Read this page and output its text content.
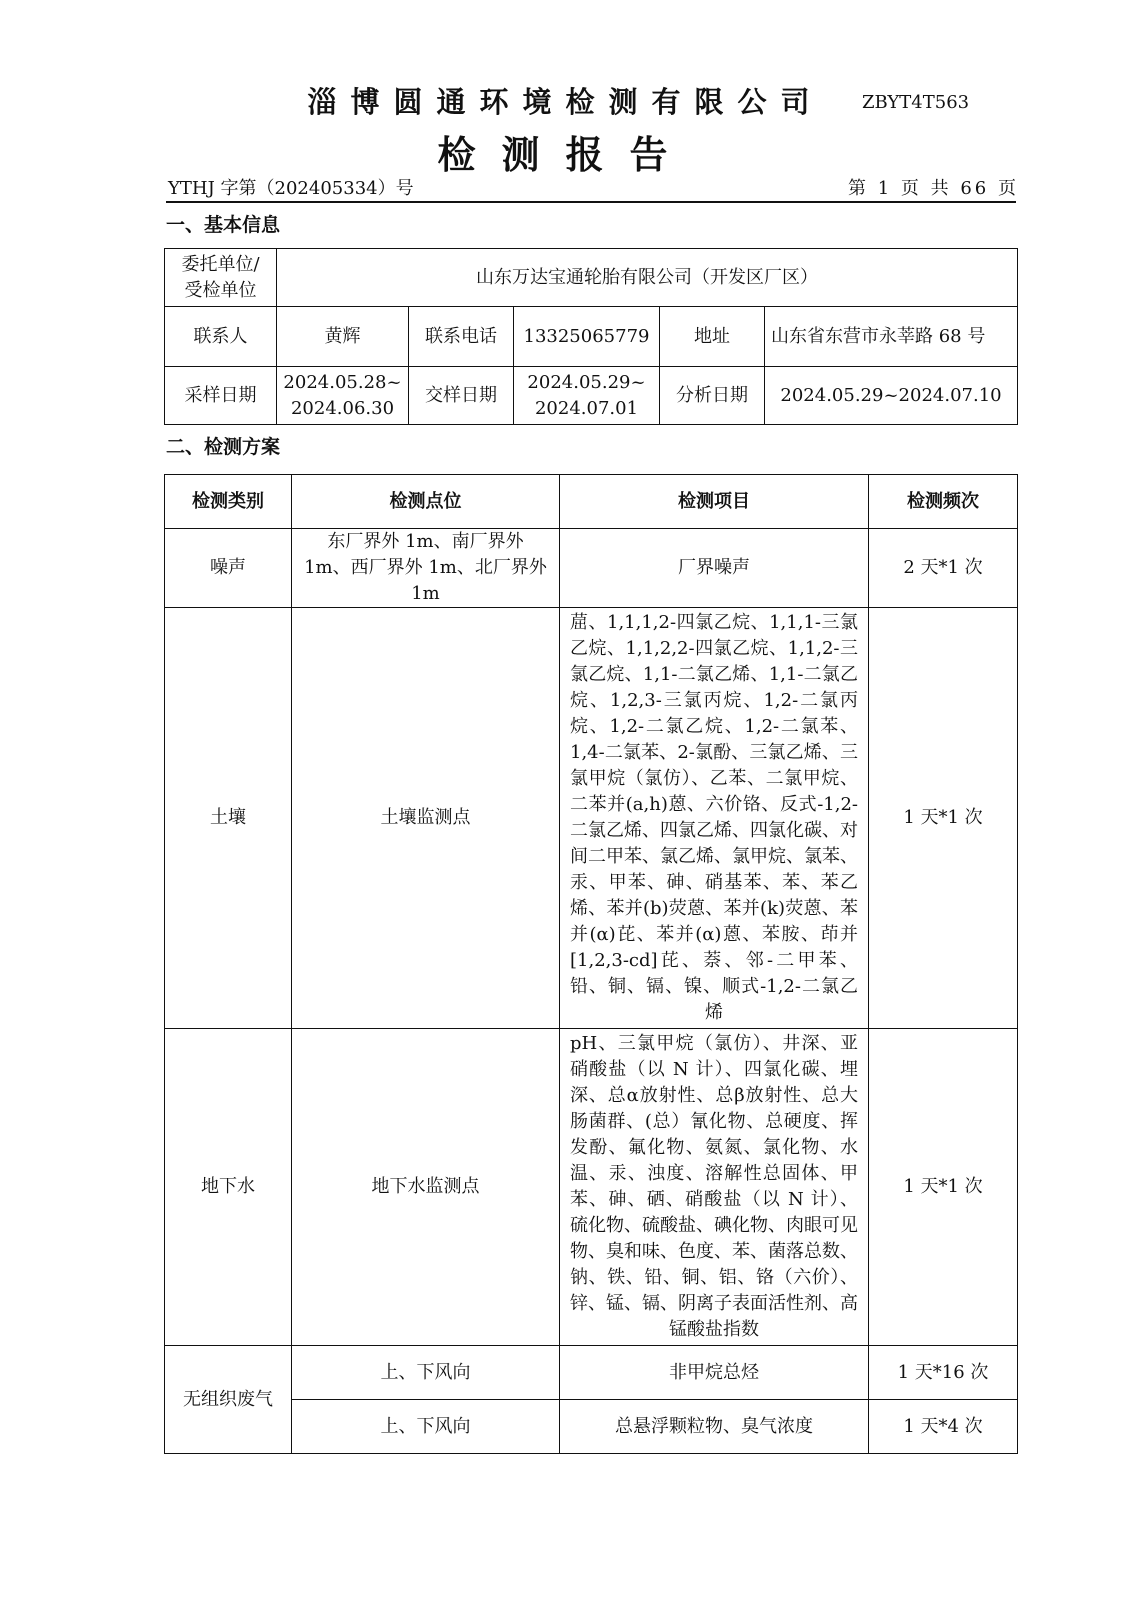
淄博圆通环境检测有限公司	ZBYT4T563
检测报告
YTHJ 字第（202405334）号	第 1 页 共 66 页
一、基本信息
委托单位/受检单位	山东万达宝通轮胎有限公司（开发区厂区）				
联系人	黄辉	联系电话	13325065779	地址	山东省东营市永莘路 68 号
采样日期	2024.05.28~ 2024.06.30	交样日期	2024.05.29~ 2024.07.01	分析日期	2024.05.29~2024.07.10
二、检测方案
检测类别	检测点位	检测项目	检测频次
噪声	东厂界外 1m、南厂界外 1m、西厂界外 1m、北厂界外 1m	厂界噪声	2 天*1 次
土壤	土壤监测点	䓛、1,1,1,2-四氯乙烷、1,1,1-三氯乙烷、1,1,2,2-四氯乙烷、1,1,2-三氯乙烷、1,1-二氯乙烯、1,1-二氯乙烷、1,2,3-三氯丙烷、1,2-二氯丙烷、1,2-二氯乙烷、1,2-二氯苯、1,4-二氯苯、2-氯酚、三氯乙烯、三氯甲烷（氯仿）、乙苯、二氯甲烷、二苯并(a,h)蒽、六价铬、反式-1,2-二氯乙烯、四氯乙烯、四氯化碳、对间二甲苯、氯乙烯、氯甲烷、氯苯、汞、甲苯、砷、硝基苯、苯、苯乙烯、苯并(b)荧蒽、苯并(k)荧蒽、苯并(α)芘、苯并(α)蒽、苯胺、茚并[1,2,3-cd]芘、萘、邻-二甲苯、铅、铜、镉、镍、顺式-1,2-二氯乙烯	1 天*1 次
地下水	地下水监测点	pH、三氯甲烷（氯仿）、井深、亚硝酸盐（以 N 计）、四氯化碳、埋深、总α放射性、总β放射性、总大肠菌群、(总）氰化物、总硬度、挥发酚、氟化物、氨氮、氯化物、水温、汞、浊度、溶解性总固体、甲苯、砷、硒、硝酸盐（以 N 计）、硫化物、硫酸盐、碘化物、肉眼可见物、臭和味、色度、苯、菌落总数、钠、铁、铅、铜、铝、铬（六价）、锌、锰、镉、阴离子表面活性剂、高锰酸盐指数	1 天*1 次
无组织废气	上、下风向	非甲烷总烃	1 天*16 次
	上、下风向	总悬浮颗粒物、臭气浓度	1 天*4 次
